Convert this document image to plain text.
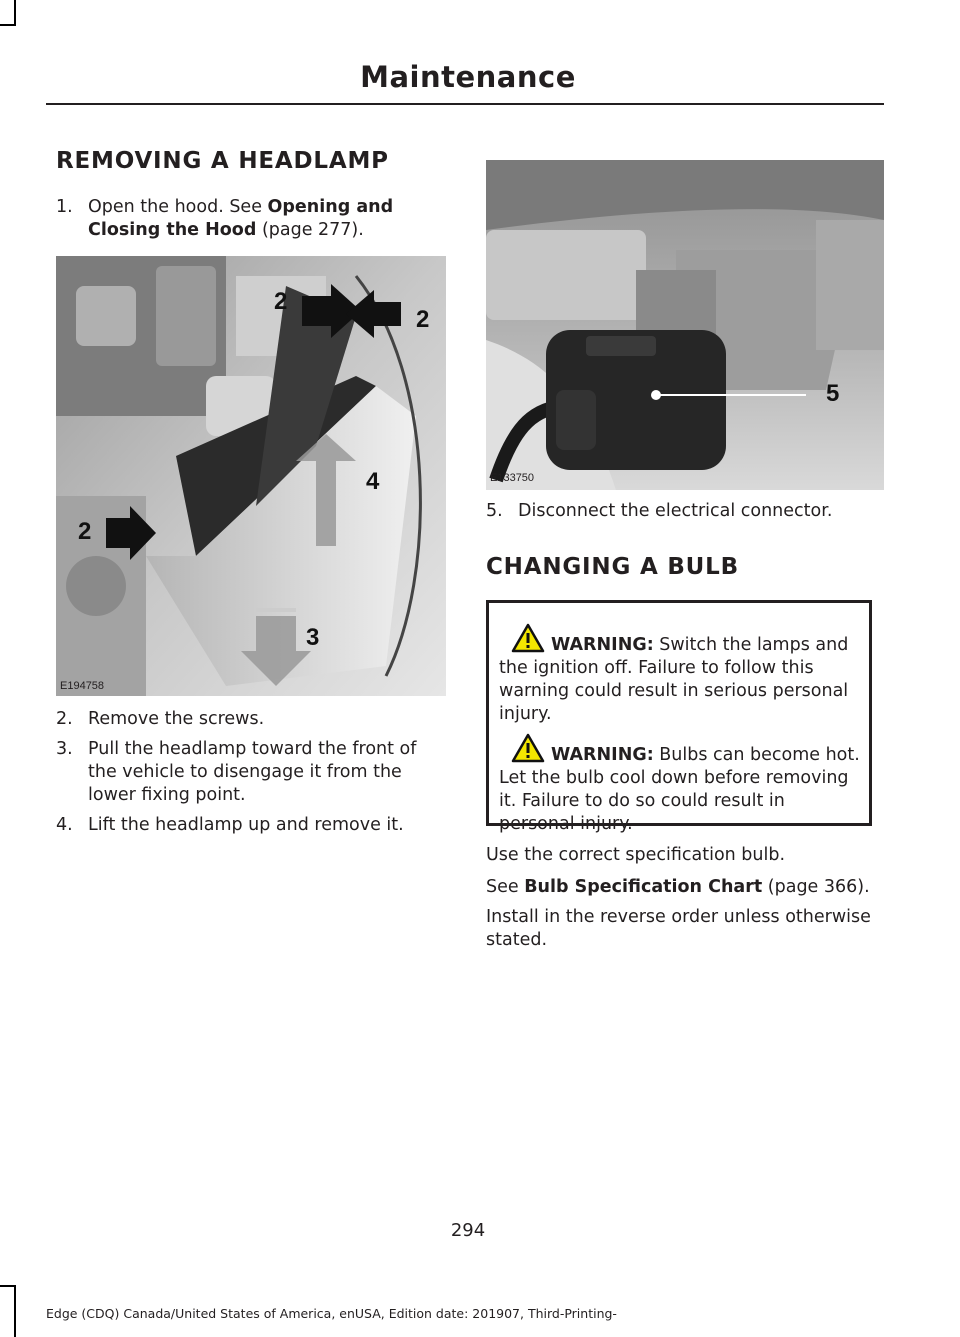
Maintenance
REMOVING A HEADLAMP
1. Open the hood. See Opening and Closing the Hood (page 277).
2
2
2
4
3
E194758
2. Remove the screws.
3. Pull the headlamp toward the front of the vehicle to disengage it from the lower fixing point.
4. Lift the headlamp up and remove it.
5
E133750
5. Disconnect the electrical connector.
CHANGING A BULB
WARNING: Switch the lamps and the ignition off. Failure to follow this warning could result in serious personal injury.
WARNING: Bulbs can become hot. Let the bulb cool down before removing it. Failure to do so could result in personal injury.
Use the correct specification bulb.
See Bulb Specification Chart (page 366).
Install in the reverse order unless otherwise stated.
294
Edge (CDQ) Canada/United States of America, enUSA, Edition date: 201907, Third-Printing-
